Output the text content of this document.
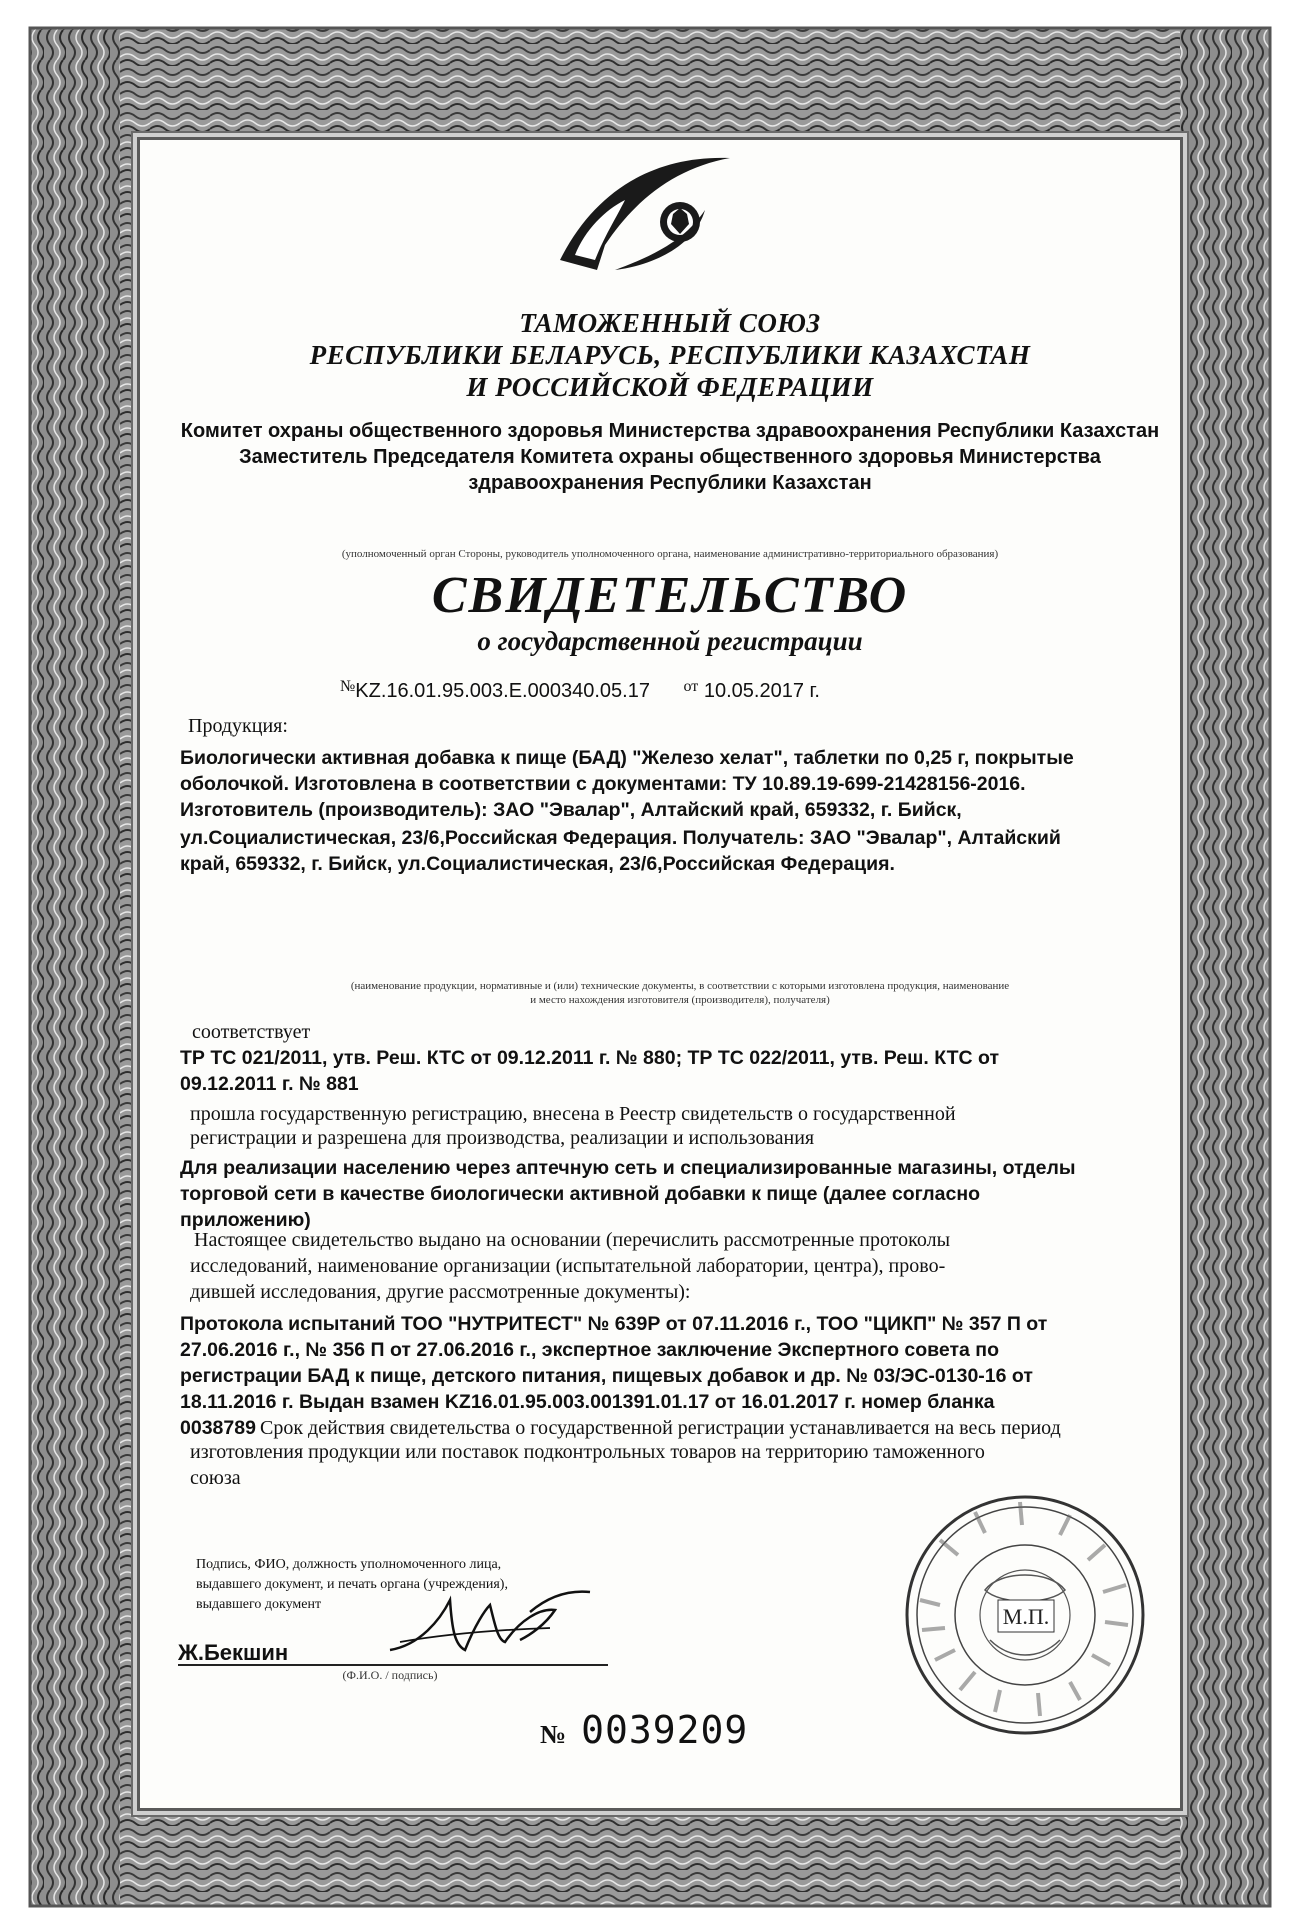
ТАМОЖЕННЫЙ СОЮЗ
РЕСПУБЛИКИ БЕЛАРУСЬ, РЕСПУБЛИКИ КАЗАХСТАН
И РОССИЙСКОЙ ФЕДЕРАЦИИ
Комитет охраны общественного здоровья Министерства здравоохранения Республики Казахстан
Заместитель Председателя Комитета охраны общественного здоровья Министерства
здравоохранения Республики Казахстан
(уполномоченный орган Стороны, руководитель уполномоченного органа, наименование административно-территориального образования)
СВИДЕТЕЛЬСТВО
о государственной регистрации
№KZ.16.01.95.003.E.000340.05.17 $^{от}$ 10.05.2017 г.
Продукция:
Биологически активная добавка к пище (БАД) "Железо хелат", таблетки по 0,25 г, покрытые
оболочкой. Изготовлена в соответствии с документами: ТУ 10.89.19-699-21428156-2016.
Изготовитель (производитель): ЗАО "Эвалар", Алтайский край, 659332, г. Бийск,
ул.Социалистическая, 23/6,Российская Федерация. Получатель: ЗАО "Эвалар", Алтайский
край, 659332, г. Бийск, ул.Социалистическая, 23/6,Российская Федерация.
(наименование продукции, нормативные и (или) технические документы, в соответствии с которыми изготовлена продукция, наименование
и место нахождения изготовителя (производителя), получателя)
соответствует
ТР ТС 021/2011, утв. Реш. КТС от 09.12.2011 г. № 880; ТР ТС 022/2011, утв. Реш. КТС от
09.12.2011 г. № 881
прошла государственную регистрацию, внесена в Реестр свидетельств о государственной
регистрации и разрешена для производства, реализации и использования
Для реализации населению через аптечную сеть и специализированные магазины, отделы
торговой сети в качестве биологически активной добавки к пище (далее согласно
приложению)
Настоящее свидетельство выдано на основании (перечислить рассмотренные протоколы
исследований, наименование организации (испытательной лаборатории, центра), прово-
дившей исследования, другие рассмотренные документы):
Протокола испытаний ТОО "НУТРИТЕСТ" № 639Р от 07.11.2016 г., ТОО "ЦИКП" № 357 П от
27.06.2016 г., № 356 П от 27.06.2016 г., экспертное заключение Экспертного совета по
регистрации БАД к пище, детского питания, пищевых добавок и др. № 03/ЭС-0130-16 от
18.11.2016 г. Выдан взамен KZ16.01.95.003.001391.01.17 от 16.01.2017 г. номер бланка
0038789 Срок действия свидетельства о государственной регистрации устанавливается на весь период
изготовления продукции или поставок подконтрольных товаров на территорию таможенного
союза
Подпись, ФИО, должность уполномоченного лица,
выдавшего документ, и печать органа (учреждения),
выдавшего документ
Ж.Бекшин
(Ф.И.О. / подпись)
М.П.
№ 0039209
